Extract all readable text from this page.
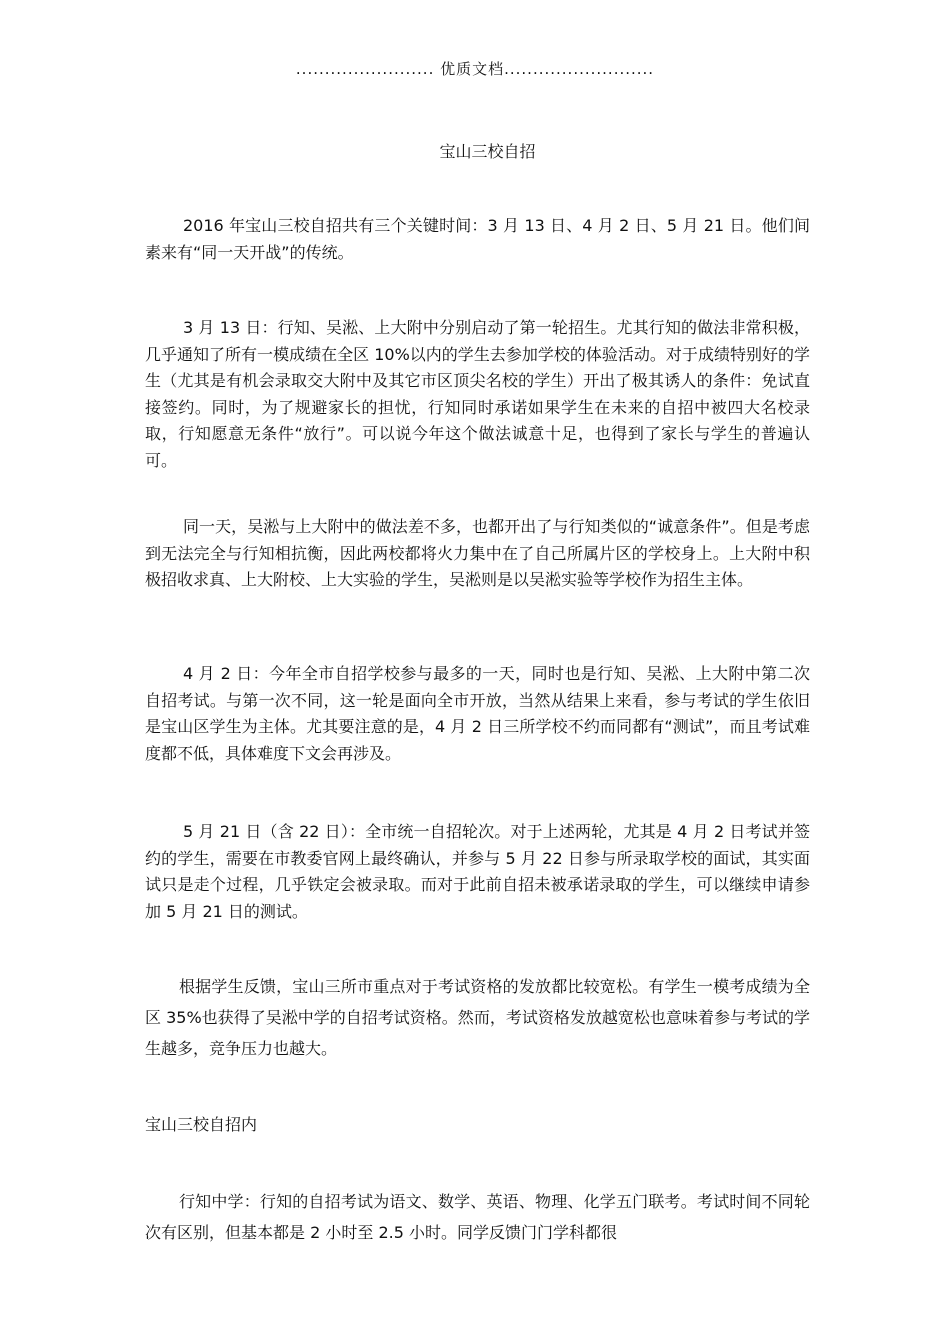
........................ 优质文档..........................
宝山三校自招

2016 年宝山三校自招共有三个关键时间：3 月 13 日、4 月 2 日、5 月 21 日。他们间素来有“同一天开战”的传统。

3 月 13 日：行知、吴淞、上大附中分别启动了第一轮招生。尤其行知的做法非常积极，几乎通知了所有一模成绩在全区 10%以内的学生去参加学校的体验活动。对于成绩特别好的学生（尤其是有机会录取交大附中及其它市区顶尖名校的学生）开出了极其诱人的条件：免试直接签约。同时，为了规避家长的担忧，行知同时承诺如果学生在未来的自招中被四大名校录取，行知愿意无条件“放行”。可以说今年这个做法诚意十足，也得到了家长与学生的普遍认可。

同一天，吴淞与上大附中的做法差不多，也都开出了与行知类似的“诚意条件”。但是考虑到无法完全与行知相抗衡，因此两校都将火力集中在了自己所属片区的学校身上。上大附中积极招收求真、上大附校、上大实验的学生，吴淞则是以吴淞实验等学校作为招生主体。

4 月 2 日：今年全市自招学校参与最多的一天，同时也是行知、吴淞、上大附中第二次自招考试。与第一次不同，这一轮是面向全市开放，当然从结果上来看，参与考试的学生依旧是宝山区学生为主体。尤其要注意的是，4 月 2 日三所学校不约而同都有“测试”，而且考试难度都不低，具体难度下文会再涉及。

5 月 21 日（含 22 日）：全市统一自招轮次。对于上述两轮，尤其是 4 月 2 日考试并签约的学生，需要在市教委官网上最终确认，并参与 5 月 22 日参与所录取学校的面试，其实面试只是走个过程，几乎铁定会被录取。而对于此前自招未被承诺录取的学生，可以继续申请参加 5 月 21 日的测试。

根据学生反馈，宝山三所市重点对于考试资格的发放都比较宽松。有学生一模考成绩为全区 35%也获得了吴淞中学的自招考试资格。然而，考试资格发放越宽松也意味着参与考试的学生越多，竞争压力也越大。

宝山三校自招内

行知中学：行知的自招考试为语文、数学、英语、物理、化学五门联考。考试时间不同轮次有区别，但基本都是 2 小时至 2.5 小时。同学反馈门门学科都很
